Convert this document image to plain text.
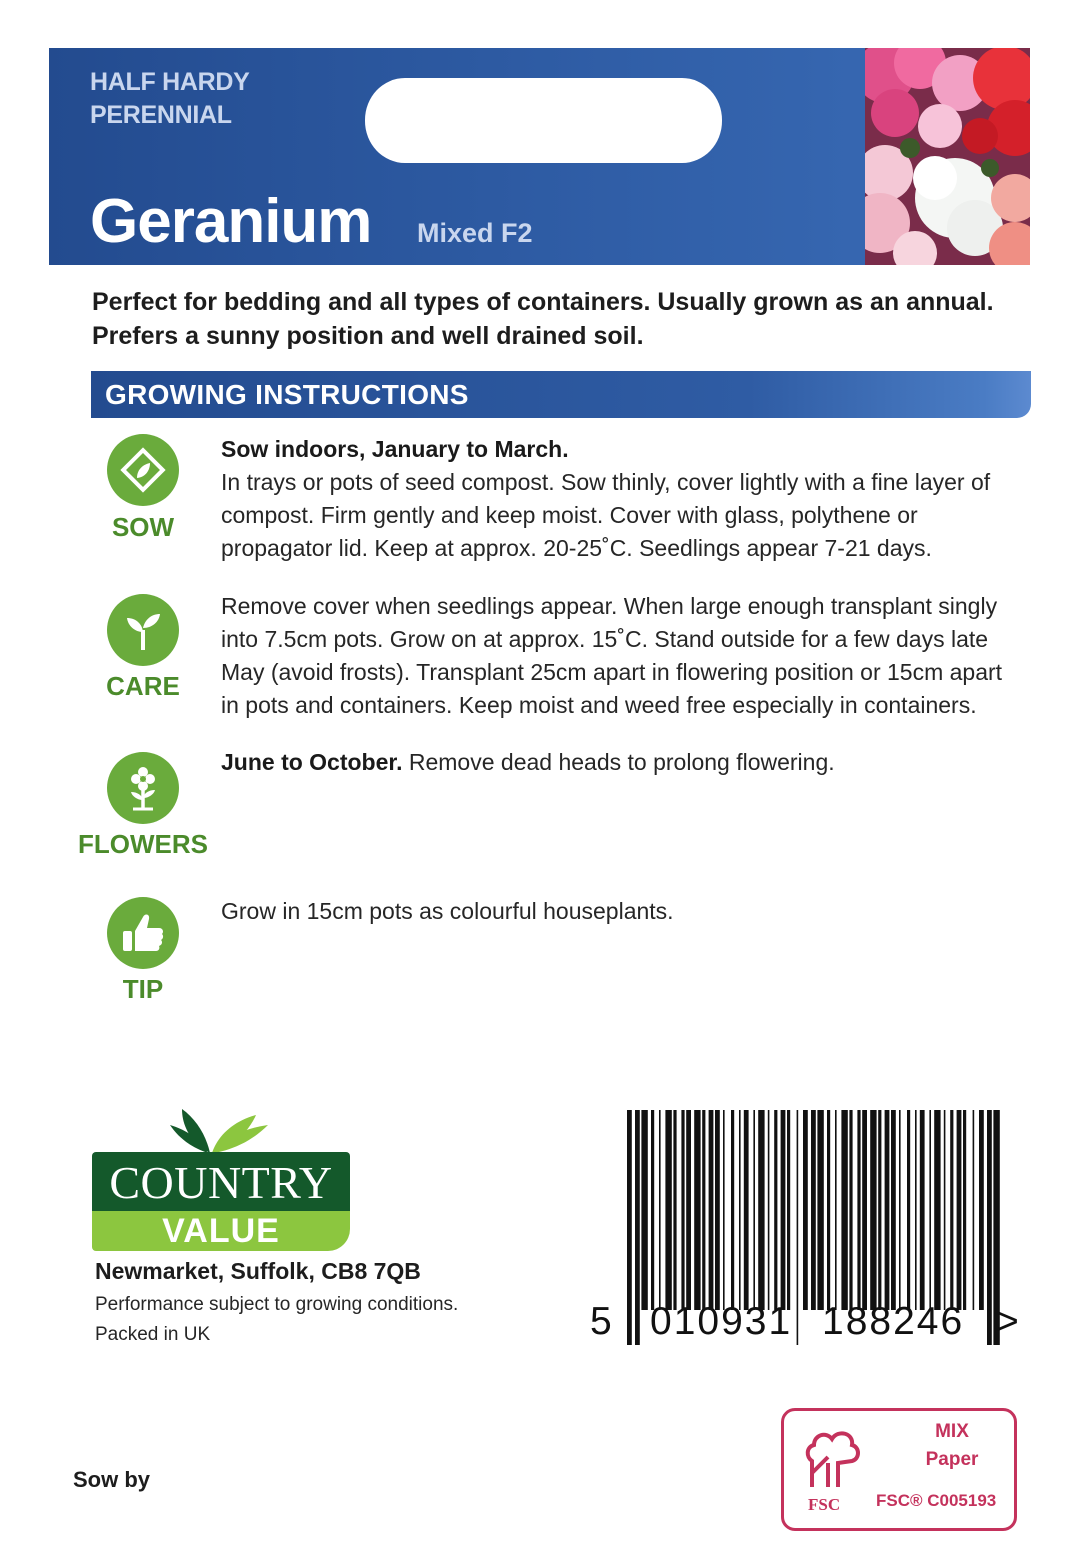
HALF HARDY
PERENNIAL
Geranium Mixed F2
Perfect for bedding and all types of containers. Usually grown as an annual. Prefers a sunny position and well drained soil.
GROWING INSTRUCTIONS
SOW
Sow indoors, January to March.
In trays or pots of seed compost. Sow thinly, cover lightly with a fine layer of compost. Firm gently and keep moist. Cover with glass, polythene or propagator lid. Keep at approx. 20-25˚C. Seedlings appear 7-21 days.
CARE
Remove cover when seedlings appear. When large enough transplant singly into 7.5cm pots. Grow on at approx. 15˚C. Stand outside for a few days late May (avoid frosts). Transplant 25cm apart in flowering position or 15cm apart in pots and containers. Keep moist and weed free especially in containers.
FLOWERS
June to October. Remove dead heads to prolong flowering.
TIP
Grow in 15cm pots as colourful houseplants.
COUNTRY
VALUE
Newmarket, Suffolk, CB8 7QB
Performance subject to growing conditions.
Packed in UK
Sow by
5 010931 188246 >
MIX
Paper
FSC FSC® C005193
